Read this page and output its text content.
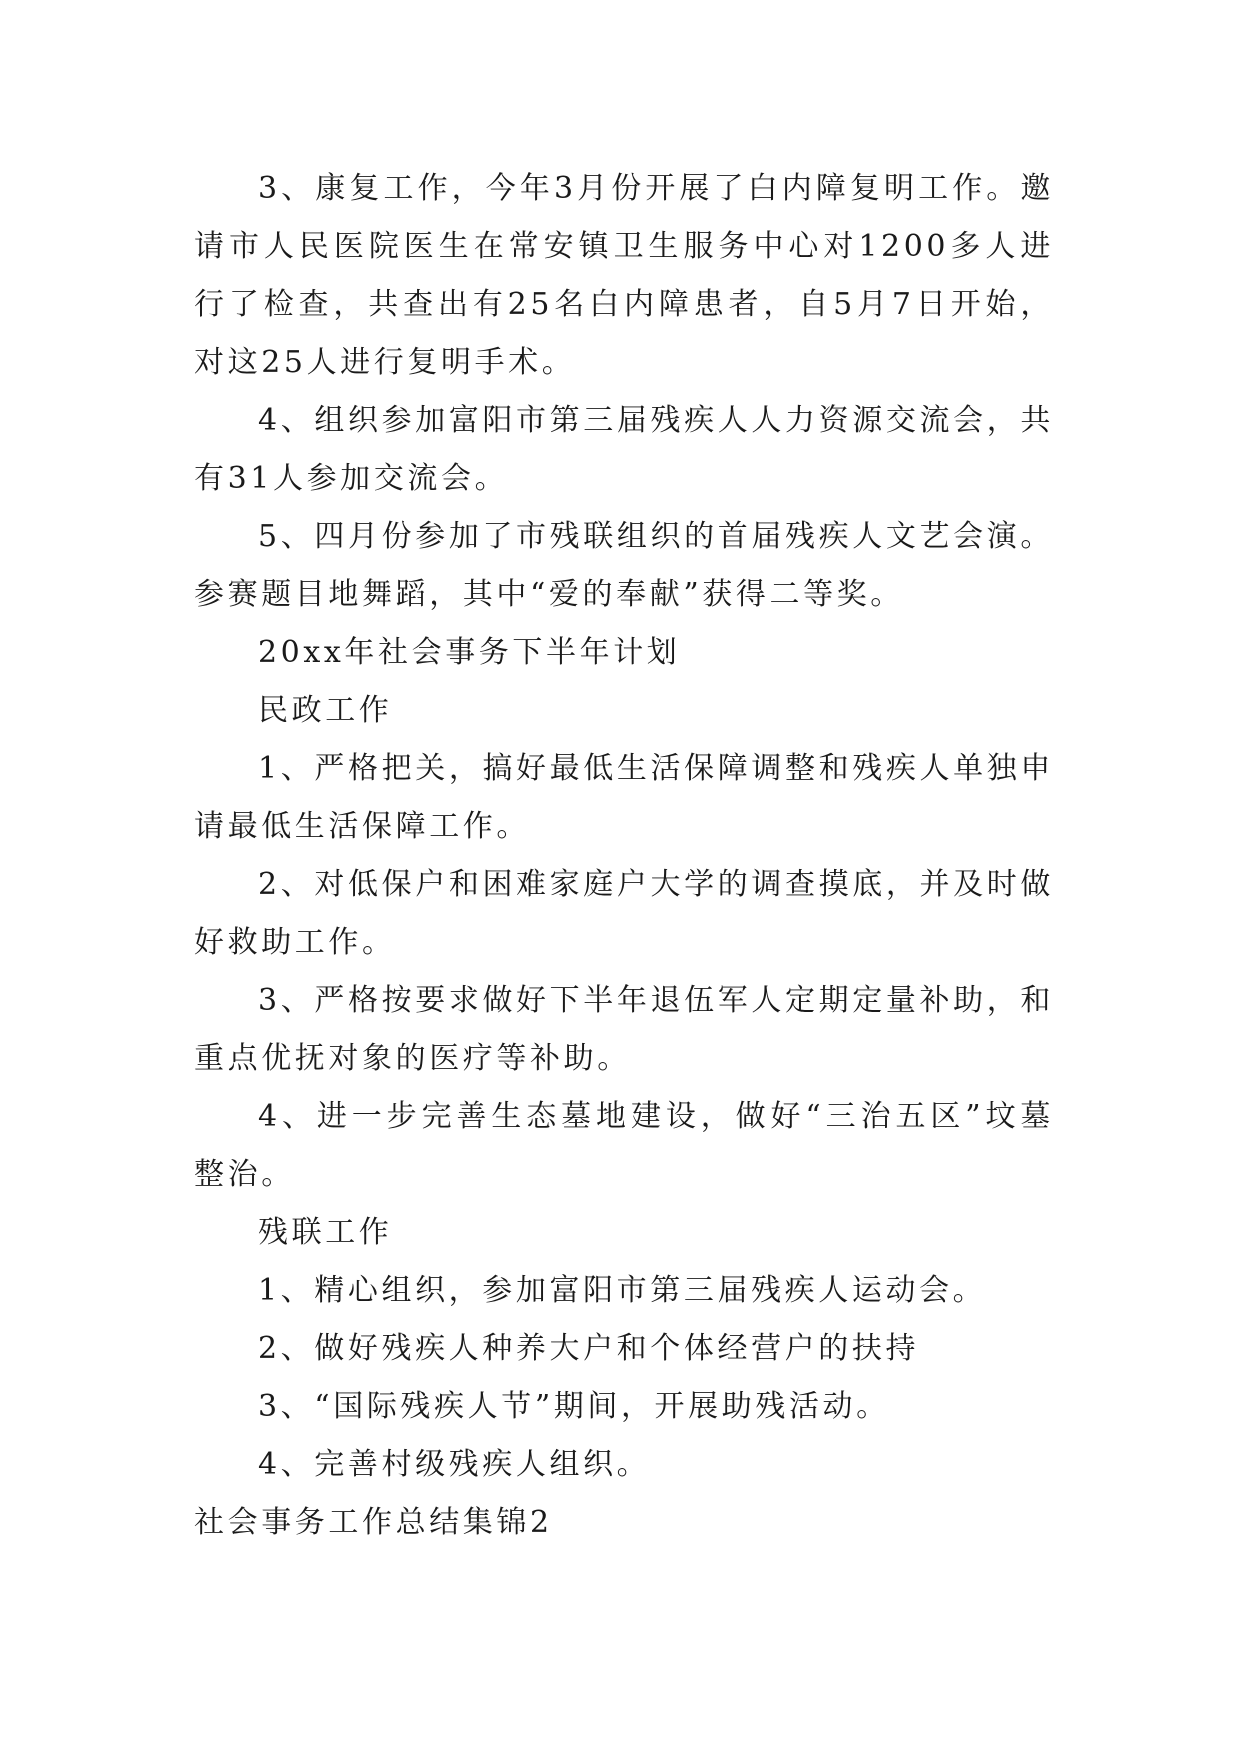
3、康复工作，今年3月份开展了白内障复明工作。邀请市人民医院医生在常安镇卫生服务中心对1200多人进行了检查，共查出有25名白内障患者，自5月7日开始，对这25人进行复明手术。

4、组织参加富阳市第三届残疾人人力资源交流会，共有31人参加交流会。

5、四月份参加了市残联组织的首届残疾人文艺会演。参赛题目地舞蹈，其中“爱的奉献”获得二等奖。

20xx年社会事务下半年计划

民政工作

1、严格把关，搞好最低生活保障调整和残疾人单独申请最低生活保障工作。

2、对低保户和困难家庭户大学的调查摸底，并及时做好救助工作。

3、严格按要求做好下半年退伍军人定期定量补助，和重点优抚对象的医疗等补助。

4、进一步完善生态墓地建设，做好“三治五区”坟墓整治。

残联工作

1、精心组织，参加富阳市第三届残疾人运动会。

2、做好残疾人种养大户和个体经营户的扶持

3、“国际残疾人节”期间，开展助残活动。

4、完善村级残疾人组织。

社会事务工作总结集锦2
